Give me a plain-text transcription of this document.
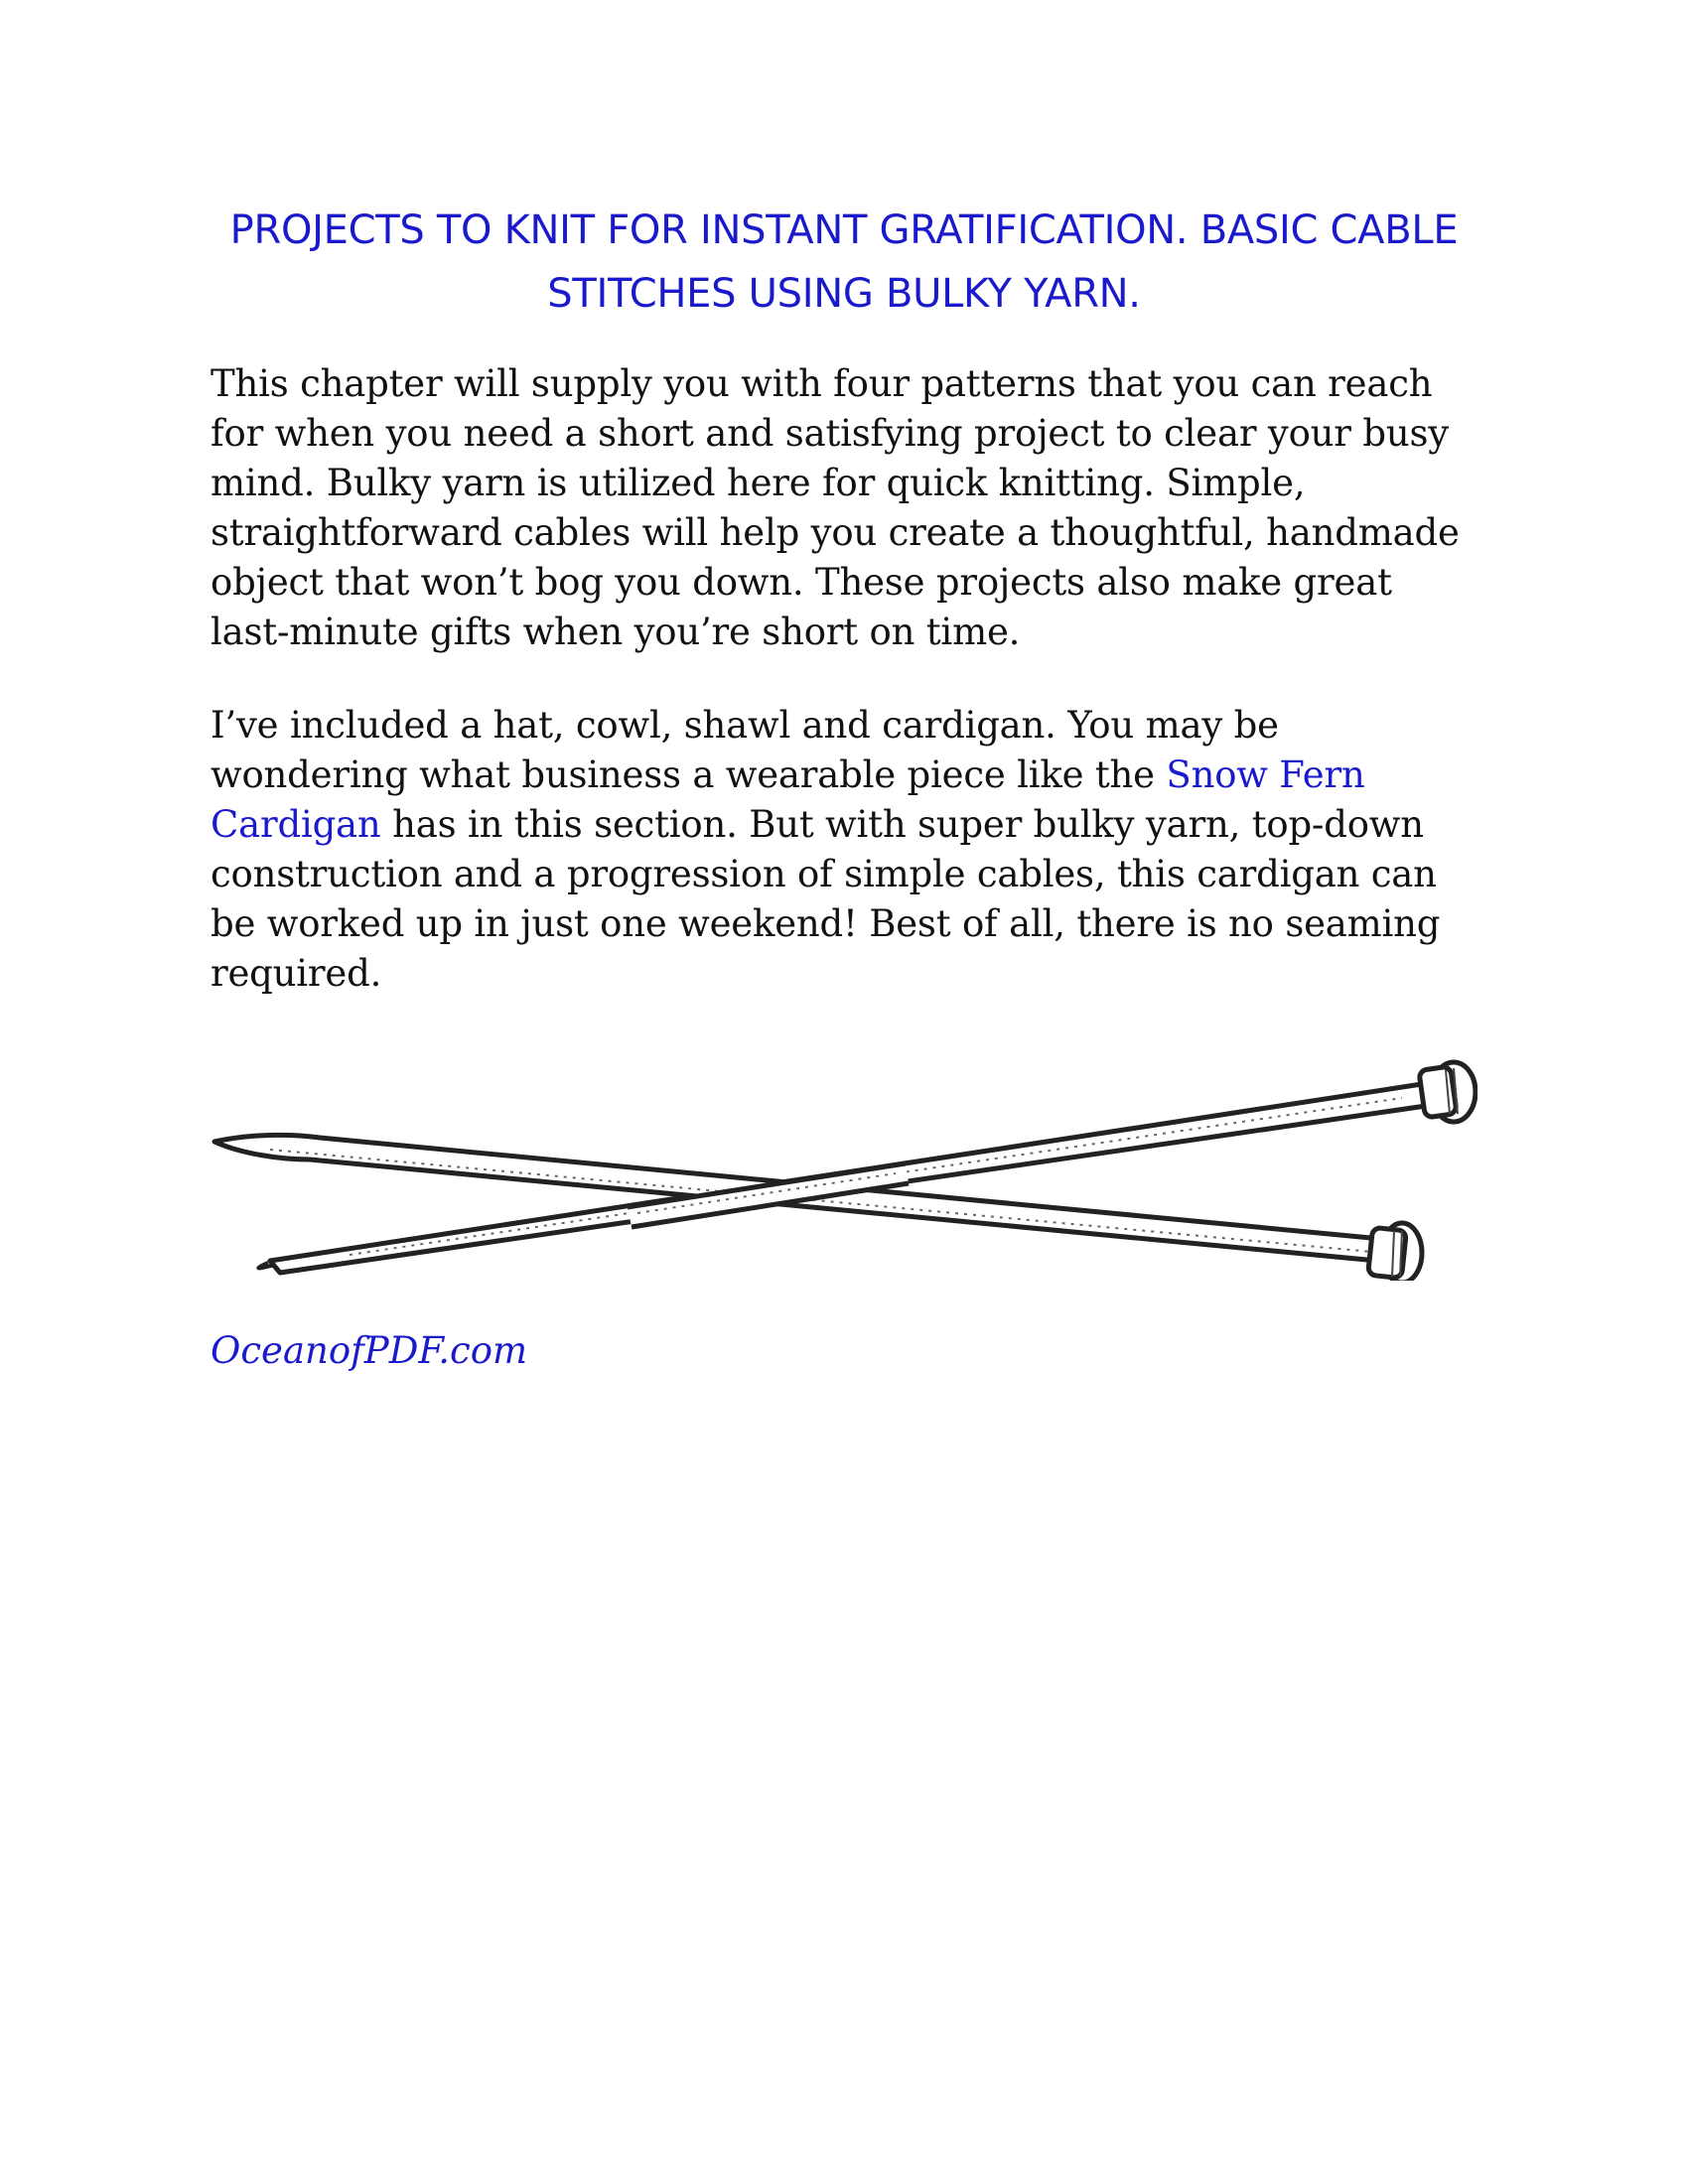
PROJECTS TO KNIT FOR INSTANT GRATIFICATION. BASIC CABLE STITCHES USING BULKY YARN.

This chapter will supply you with four patterns that you can reach for when you need a short and satisfying project to clear your busy mind. Bulky yarn is utilized here for quick knitting. Simple, straightforward cables will help you create a thoughtful, handmade object that won’t bog you down. These projects also make great last-minute gifts when you’re short on time.

I’ve included a hat, cowl, shawl and cardigan. You may be wondering what business a wearable piece like the Snow Fern Cardigan has in this section. But with super bulky yarn, top-down construction and a progression of simple cables, this cardigan can be worked up in just one weekend! Best of all, there is no seaming required.

OceanofPDF.com
